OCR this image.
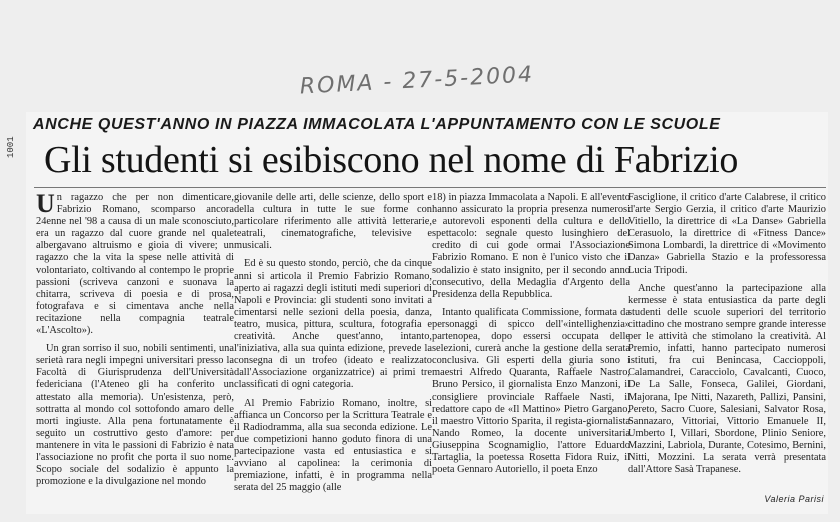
ROMA - 27-5-2004
1001
ANCHE QUEST'ANNO IN PIAZZA IMMACOLATA L'APPUNTAMENTO CON LE SCUOLE
Gli studenti si esibiscono nel nome di Fabrizio

Un ragazzo che per non dimenticare, Fabrizio Romano, scomparso ancora 24enne nel '98 a causa di un male sconosciuto, era un ragazzo dal cuore grande nel quale albergavano altruismo e gioia di vivere; un ragazzo che la vita la spese nelle attività di volontariato, coltivando al contempo le proprie passioni (scriveva canzoni e suonava la chitarra, scriveva di poesia e di prosa, fotografava e si cimentava anche nella recitazione nella compagnia teatrale «L'Ascolto»).

Un gran sorriso il suo, nobili sentimenti, una serietà rara negli impegni universitari presso la Facoltà di Giurisprudenza dell'Università federiciana (l'Ateneo gli ha conferito un attestato alla memoria). Un'esistenza, però, sottratta al mondo col sottofondo amaro delle morti ingiuste. Alla pena fortunatamente è seguito un costruttivo gesto d'amore: per mantenere in vita le passioni di Fabrizio è nata l'associazione no profit che porta il suo nome. Scopo sociale del sodalizio è appunto la promozione e la divulgazione nel mondo

giovanile delle arti, delle scienze, dello sport e della cultura in tutte le sue forme con particolare riferimento alle attività letterarie, teatrali, cinematografiche, televisive e musicali.

Ed è su questo stondo, perciò, che da cinque anni si articola il Premio Fabrizio Romano, aperto ai ragazzi degli istituti medi superiori di Napoli e Provincia: gli studenti sono invitati a cimentarsi nelle sezioni della poesia, danza, teatro, musica, pittura, scultura, fotografia e creatività. Anche quest'anno, intanto, l'iniziativa, alla sua quinta edizione, prevede la consegna di un trofeo (ideato e realizzato dall'Associazione organizzatrice) ai primi tre classificati di ogni categoria.

Al Premio Fabrizio Romano, inoltre, si affianca un Concorso per la Scrittura Teatrale e il Radiodramma, alla sua seconda edizione. Le due competizioni hanno goduto finora di una partecipazione vasta ed entusiastica e si avviano al capolinea: la cerimonia di premiazione, infatti, è in programma nella serata del 25 maggio (alle

18) in piazza Immacolata a Napoli. E all'evento hanno assicurato la propria presenza numerosi e autorevoli esponenti della cultura e dello spettacolo: segnale questo lusinghiero del credito di cui gode ormai l'Associazione Fabrizio Romano. E non è l'unico visto che il sodalizio è stato insignito, per il secondo anno consecutivo, della Medaglia d'Argento della Presidenza della Repubblica.

Intanto qualificata Commissione, formata da personaggi di spicco dell'«intellighenzia» partenopea, dopo essersi occupata delle selezioni, curerà anche la gestione della serata conclusiva. Gli esperti della giuria sono i maestri Alfredo Quaranta, Raffaele Nastro, Bruno Persico, il giornalista Enzo Manzoni, il consigliere provinciale Raffaele Nasti, il redattore capo de «Il Mattino» Pietro Gargano, il maestro Vittorio Sparita, il regista-giornalista Nando Romeo, la docente universitaria Giuseppina Scognamiglio, l'attore Eduardo Tartaglia, la poetessa Rosetta Fidora Ruiz, il poeta Gennaro Autoriello, il poeta Enzo

Fasciglione, il critico d'arte Calabrese, il critico d'arte Sergio Gerzia, il critico d'arte Maurizio Vitiello, la direttrice di «La Danse» Gabriella Cerasuolo, la direttrice di «Fitness Dance» Simona Lombardi, la direttrice di «Movimento Danza» Gabriella Stazio e la professoressa Lucia Tripodi.

Anche quest'anno la partecipazione alla kermesse è stata entusiastica da parte degli studenti delle scuole superiori del territorio cittadino che mostrano sempre grande interesse per le attività che stimolano la creatività. Al Premio, infatti, hanno partecipato numerosi istituti, fra cui Benincasa, Caccioppoli, Calamandrei, Caracciolo, Cavalcanti, Cuoco, De La Salle, Fonseca, Galilei, Giordani, Majorana, Ipe Nitti, Nazareth, Pallizi, Pansini, Pereto, Sacro Cuore, Salesiani, Salvator Rosa, Sannazaro, Vittoriai, Vittorio Emanuele II, Umberto I, Villari, Sbordone, Plinio Seniore, Mazzini, Labriola, Durante, Cotesimo, Bernini, Nitti, Mozzini. La serata verrà presentata dall'Attore Sasà Trapanese.

Valeria Parisi
